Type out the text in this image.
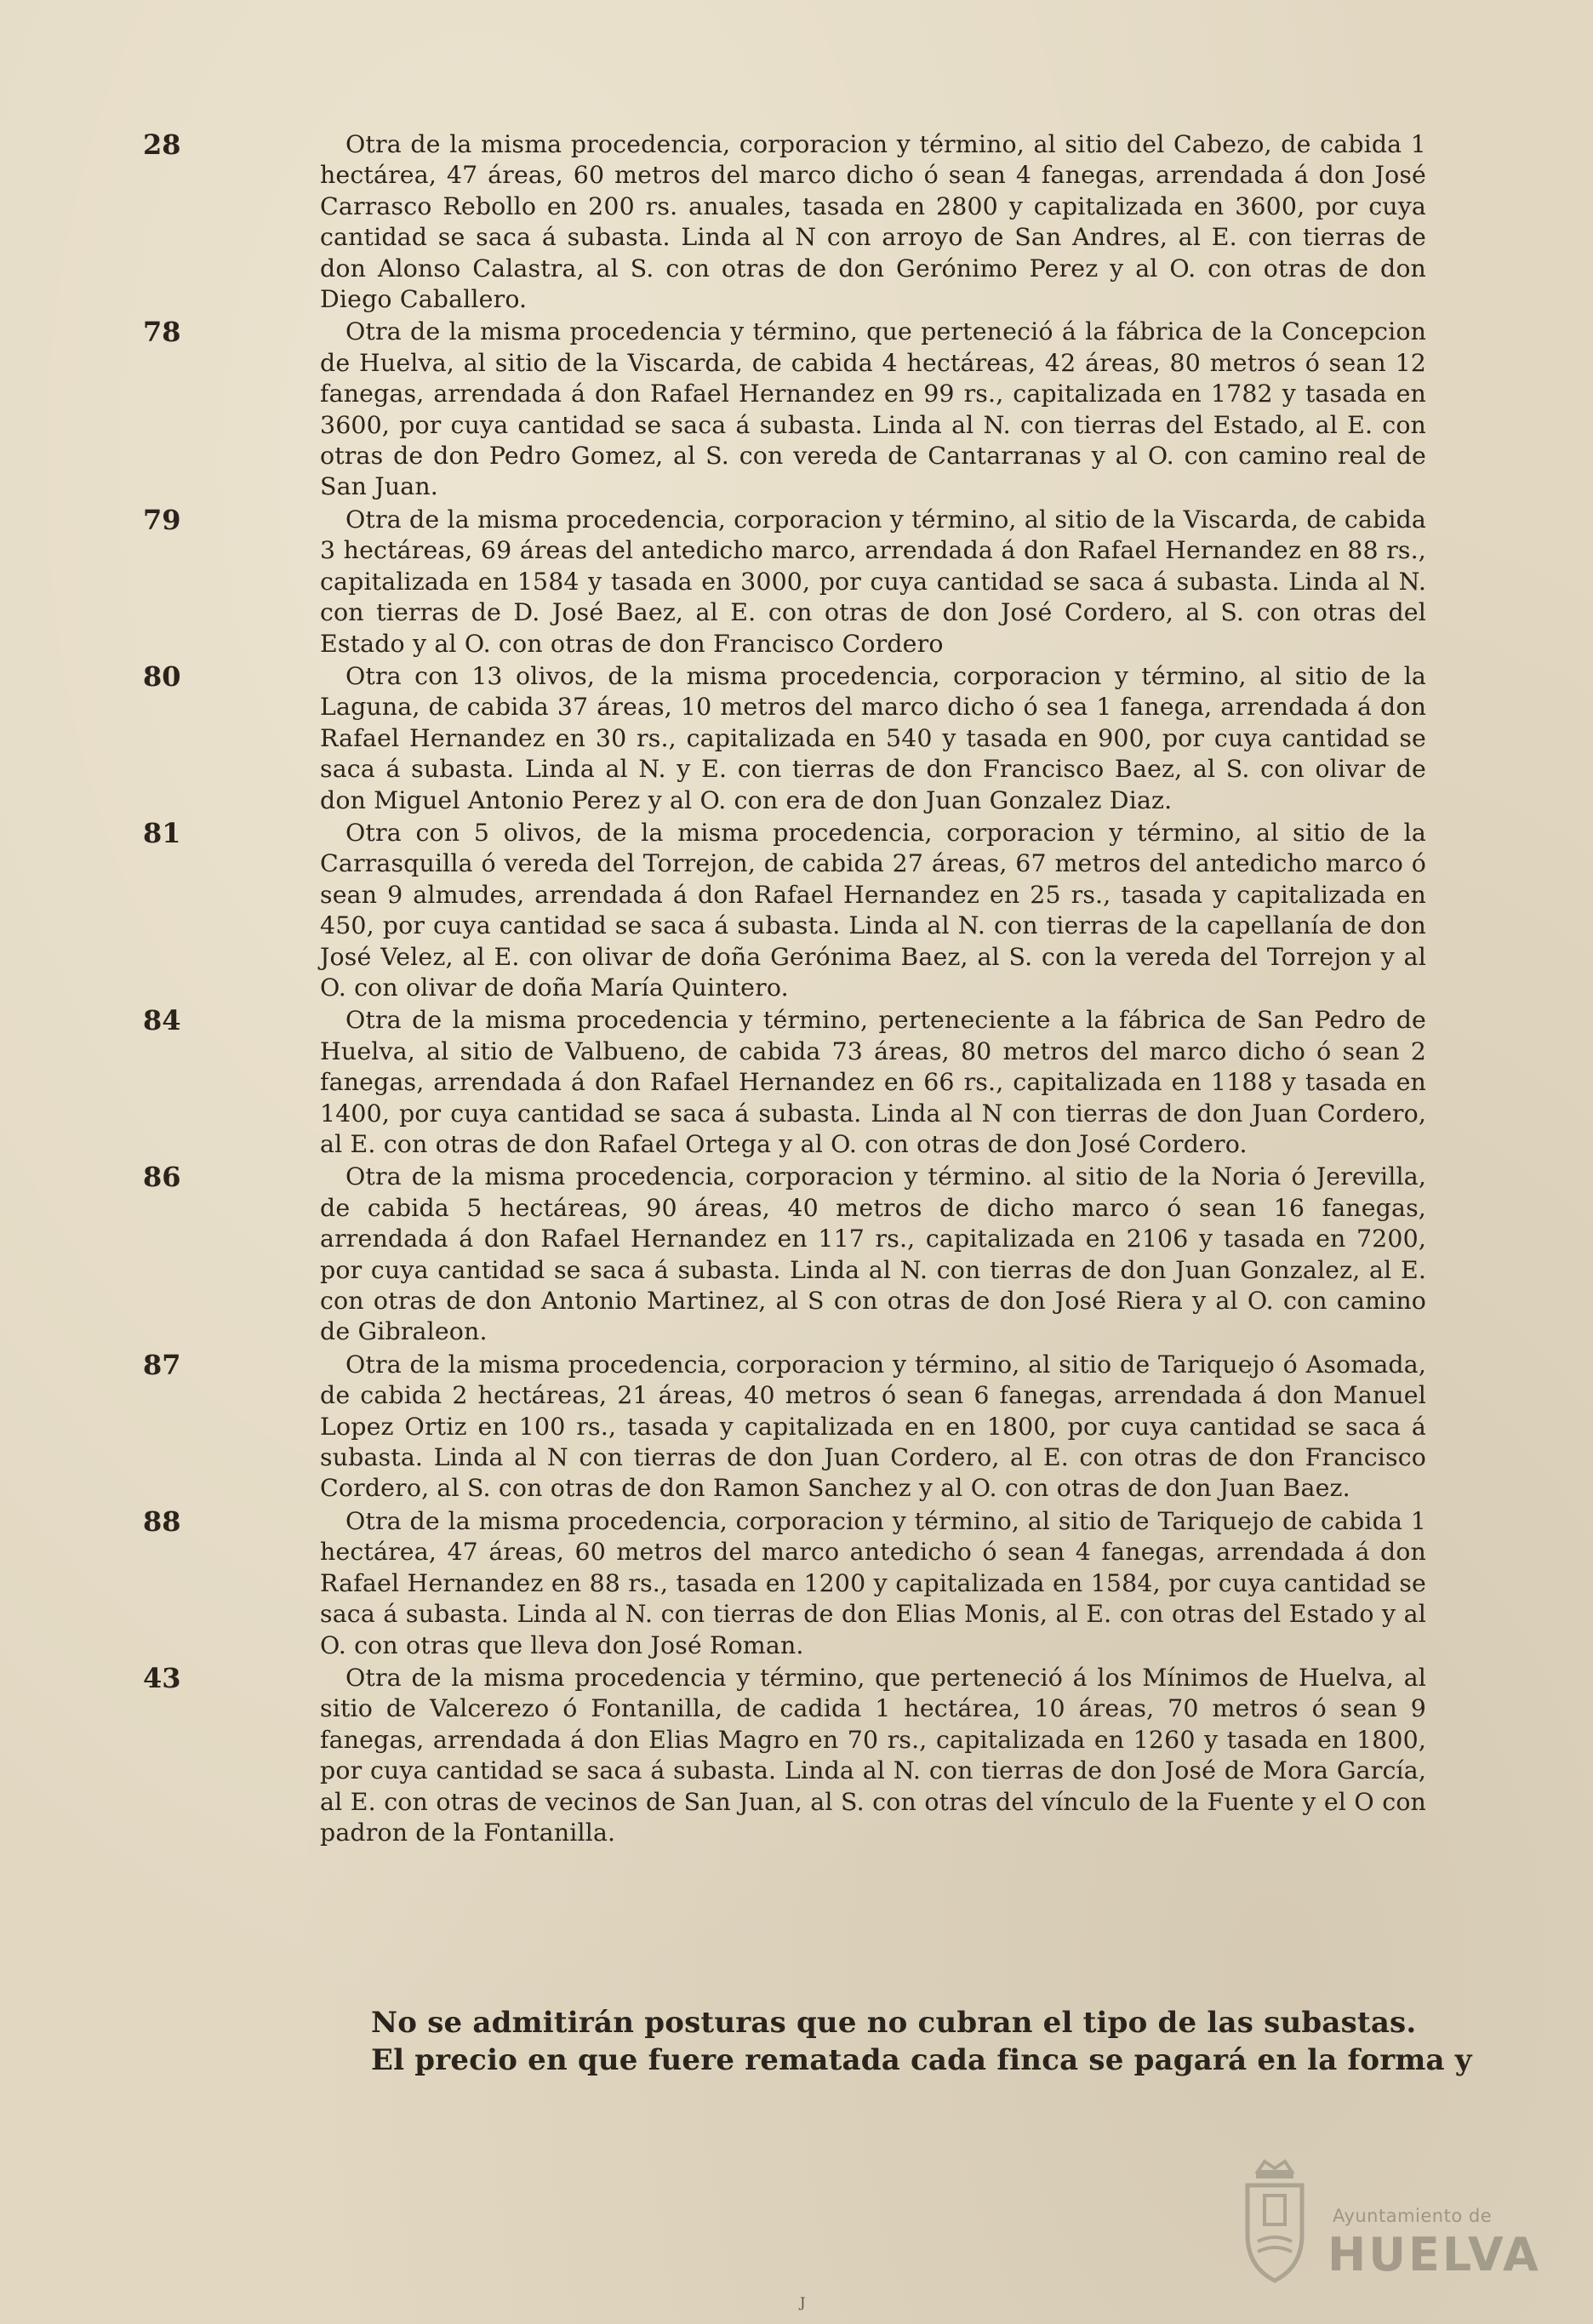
28	Otra de la misma procedencia, corporacion y término, al sitio del Cabezo, de cabida 1 hectárea, 47 áreas, 60 metros del marco dicho ó sean 4 fanegas, arrendada á don José Carrasco Rebollo en 200 rs. anuales, tasada en 2800 y capitalizada en 3600, por cuya cantidad se saca á subasta. Linda al N con arroyo de San Andres, al E. con tierras de don Alonso Calastra, al S. con otras de don Gerónimo Perez y al O. con otras de don Diego Caballero.

78	Otra de la misma procedencia y término, que perteneció á la fábrica de la Concepcion de Huelva, al sitio de la Viscarda, de cabida 4 hectáreas, 42 áreas, 80 metros ó sean 12 fanegas, arrendada á don Rafael Hernandez en 99 rs., capitalizada en 1782 y tasada en 3600, por cuya cantidad se saca á subasta. Linda al N. con tierras del Estado, al E. con otras de don Pedro Gomez, al S. con vereda de Cantarranas y al O. con camino real de San Juan.

79	Otra de la misma procedencia, corporacion y término, al sitio de la Viscarda, de cabida 3 hectáreas, 69 áreas del antedicho marco, arrendada á don Rafael Hernandez en 88 rs., capitalizada en 1584 y tasada en 3000, por cuya cantidad se saca á subasta. Linda al N. con tierras de D. José Baez, al E. con otras de don José Cordero, al S. con otras del Estado y al O. con otras de don Francisco Cordero

80	Otra con 13 olivos, de la misma procedencia, corporacion y término, al sitio de la Laguna, de cabida 37 áreas, 10 metros del marco dicho ó sea 1 fanega, arrendada á don Rafael Hernandez en 30 rs., capitalizada en 540 y tasada en 900, por cuya cantidad se saca á subasta. Linda al N. y E. con tierras de don Francisco Baez, al S. con olivar de don Miguel Antonio Perez y al O. con era de don Juan Gonzalez Diaz.

81	Otra con 5 olivos, de la misma procedencia, corporacion y término, al sitio de la Carrasquilla ó vereda del Torrejon, de cabida 27 áreas, 67 metros del antedicho marco ó sean 9 almudes, arrendada á don Rafael Hernandez en 25 rs., tasada y capitalizada en 450, por cuya cantidad se saca á subasta. Linda al N. con tierras de la capellanía de don José Velez, al E. con olivar de doña Gerónima Baez, al S. con la vereda del Torrejon y al O. con olivar de doña María Quintero.

84	Otra de la misma procedencia y término, perteneciente a la fábrica de San Pedro de Huelva, al sitio de Valbueno, de cabida 73 áreas, 80 metros del marco dicho ó sean 2 fanegas, arrendada á don Rafael Hernandez en 66 rs., capitalizada en 1188 y tasada en 1400, por cuya cantidad se saca á subasta. Linda al N con tierras de don Juan Cordero, al E. con otras de don Rafael Ortega y al O. con otras de don José Cordero.

86	Otra de la misma procedencia, corporacion y término. al sitio de la Noria ó Jerevilla, de cabida 5 hectáreas, 90 áreas, 40 metros de dicho marco ó sean 16 fanegas, arrendada á don Rafael Hernandez en 117 rs., capitalizada en 2106 y tasada en 7200, por cuya cantidad se saca á subasta. Linda al N. con tierras de don Juan Gonzalez, al E. con otras de don Antonio Martinez, al S con otras de don José Riera y al O. con camino de Gibraleon.

87	Otra de la misma procedencia, corporacion y término, al sitio de Tariquejo ó Asomada, de cabida 2 hectáreas, 21 áreas, 40 metros ó sean 6 fanegas, arrendada á don Manuel Lopez Ortiz en 100 rs., tasada y capitalizada en en 1800, por cuya cantidad se saca á subasta. Linda al N con tierras de don Juan Cordero, al E. con otras de don Francisco Cordero, al S. con otras de don Ramon Sanchez y al O. con otras de don Juan Baez.

88	Otra de la misma procedencia, corporacion y término, al sitio de Tariquejo de cabida 1 hectárea, 47 áreas, 60 metros del marco antedicho ó sean 4 fanegas, arrendada á don Rafael Hernandez en 88 rs., tasada en 1200 y capitalizada en 1584, por cuya cantidad se saca á subasta. Linda al N. con tierras de don Elias Monis, al E. con otras del Estado y al O. con otras que lleva don José Roman.

43	Otra de la misma procedencia y término, que perteneció á los Mínimos de Huelva, al sitio de Valcerezo ó Fontanilla, de cadida 1 hectárea, 10 áreas, 70 metros ó sean 9 fanegas, arrendada á don Elias Magro en 70 rs., capitalizada en 1260 y tasada en 1800, por cuya cantidad se saca á subasta. Linda al N. con tierras de don José de Mora García, al E. con otras de vecinos de San Juan, al S. con otras del vínculo de la Fuente y el O con padron de la Fontanilla.

No se admitirán posturas que no cubran el tipo de las subastas.

El precio en que fuere rematada cada finca se pagará en la forma y

Ayuntamiento de
HUELVA
J
